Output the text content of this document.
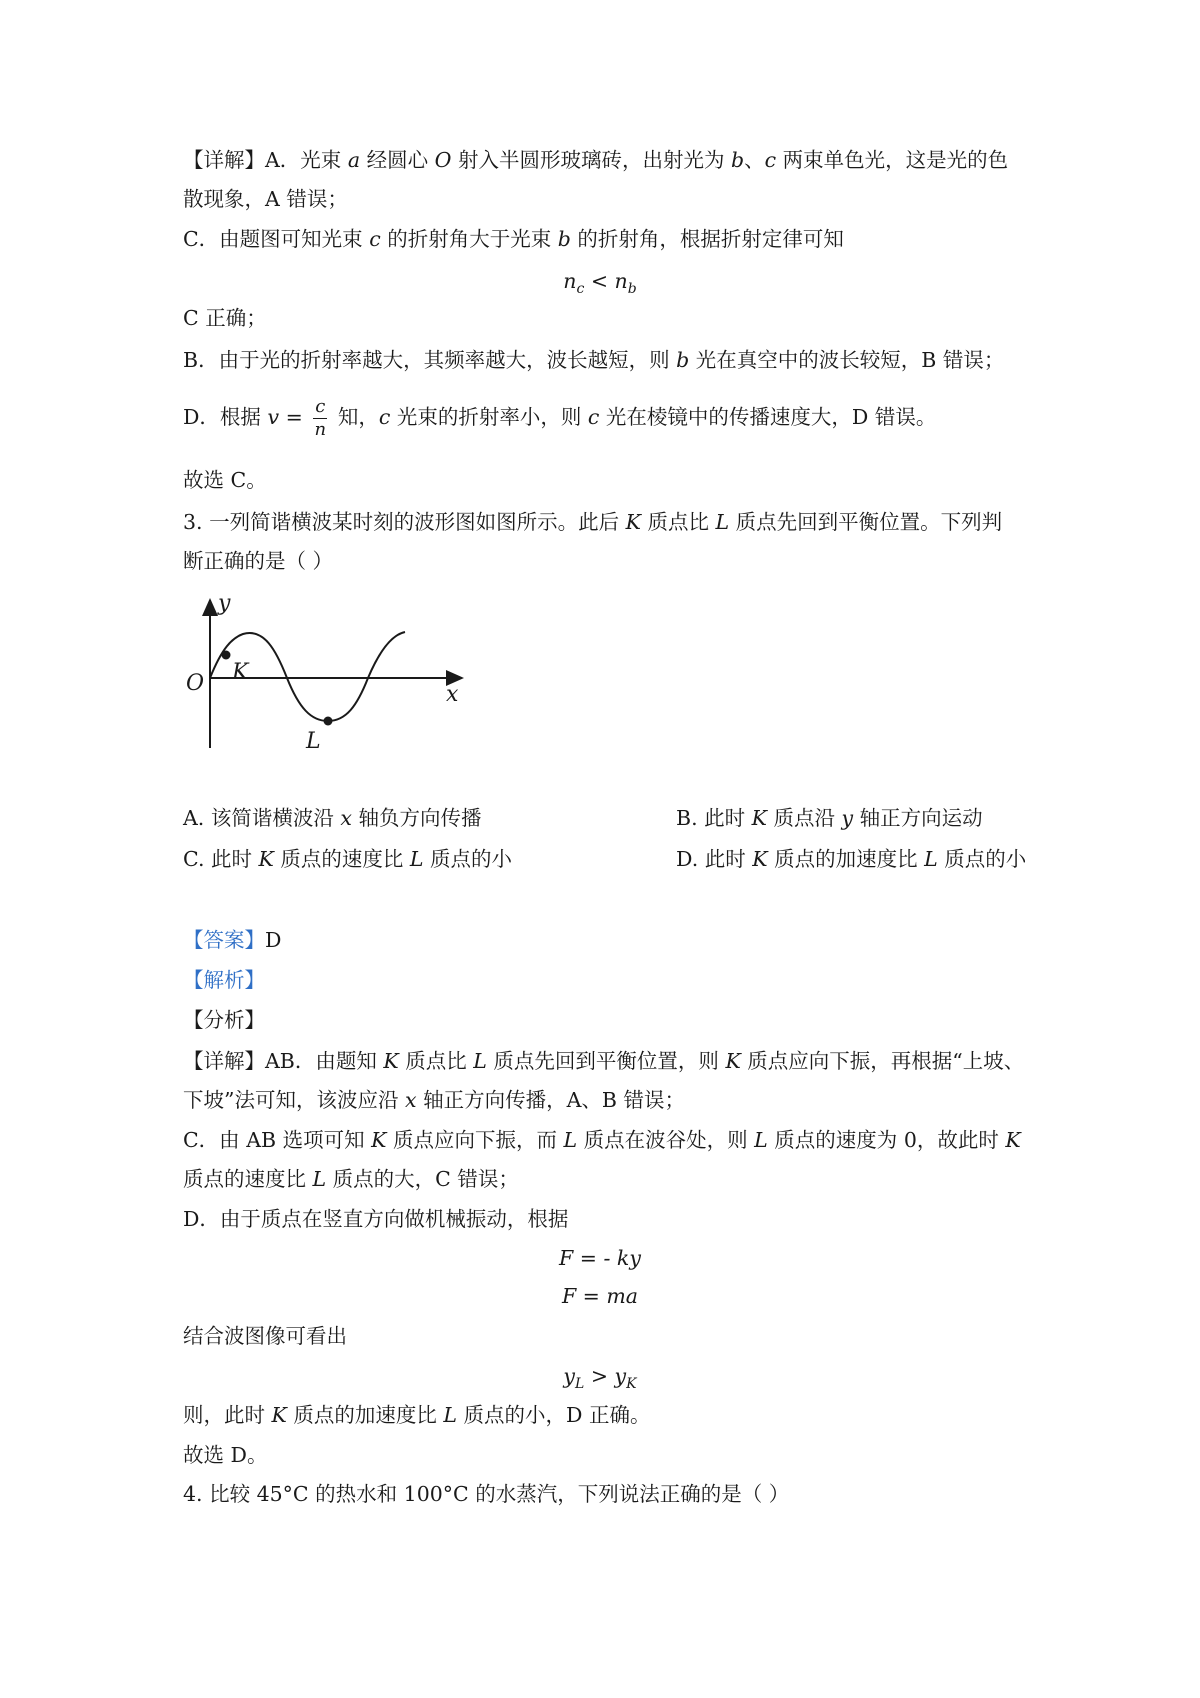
【详解】A．光束 a 经圆心 O 射入半圆形玻璃砖，出射光为 b、c 两束单色光，这是光的色
散现象，A 错误；
C．由题图可知光束 c 的折射角大于光束 b 的折射角，根据折射定律可知
$n_c < n_b$
C 正确；
B．由于光的折射率越大，其频率越大，波长越短，则 b 光在真空中的波长较短，B 错误；
D．根据 $v = \frac{c}{n}$ 知，c 光束的折射率小，则 c 光在棱镜中的传播速度大，D 错误。
故选 C。
3. 一列简谐横波某时刻的波形图如图所示。此后 K 质点比 L 质点先回到平衡位置。下列判
断正确的是（ ）
y
x
O K
L
A. 该简谐横波沿 x 轴负方向传播	B. 此时 K 质点沿 y 轴正方向运动
C. 此时 K 质点的速度比 L 质点的小	D. 此时 K 质点的加速度比 L 质点的小
【答案】D
【解析】
【分析】
【详解】AB．由题知 K 质点比 L 质点先回到平衡位置，则 K 质点应向下振，再根据“上坡、
下坡”法可知，该波应沿 x 轴正方向传播，A、B 错误；
C．由 AB 选项可知 K 质点应向下振，而 L 质点在波谷处，则 L 质点的速度为 0，故此时 K
质点的速度比 L 质点的大，C 错误；
D．由于质点在竖直方向做机械振动，根据
F = - ky
F = ma
结合波图像可看出
$y_L > y_K$
则，此时 K 质点的加速度比 L 质点的小，D 正确。
故选 D。
4. 比较 45°C 的热水和 100°C 的水蒸汽，下列说法正确的是（ ）
